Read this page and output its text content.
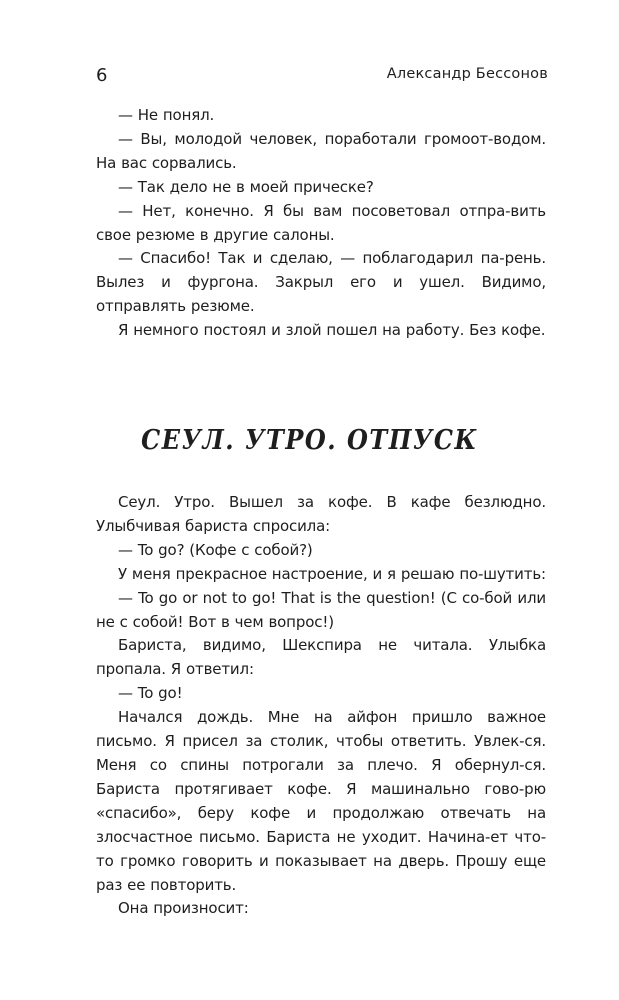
6	Александр Бессонов

— Не понял.

— Вы, молодой человек, поработали громоот-водом. На вас сорвались.

— Так дело не в моей прическе?

— Нет, конечно. Я бы вам посоветовал отпра-вить свое резюме в другие салоны.

— Спасибо! Так и сделаю, — поблагодарил па-рень. Вылез и фургона. Закрыл его и ушел. Видимо, отправлять резюме.

Я немного постоял и злой пошел на работу. Без кофе.

СЕУЛ. УТРО. ОТПУСК

Сеул. Утро. Вышел за кофе. В кафе безлюдно. Улыбчивая бариста спросила:

— To go? (Кофе с собой?)

У меня прекрасное настроение, и я решаю по-шутить:

— To go or not to go! That is the question! (С со-бой или не с собой! Вот в чем вопрос!)

Бариста, видимо, Шекспира не читала. Улыбка пропала. Я ответил:

— To go!

Начался дождь. Мне на айфон пришло важное письмо. Я присел за столик, чтобы ответить. Увлек-ся. Меня со спины потрогали за плечо. Я обернул-ся. Бариста протягивает кофе. Я машинально гово-рю «спасибо», беру кофе и продолжаю отвечать на злосчастное письмо. Бариста не уходит. Начина-ет что-то громко говорить и показывает на дверь. Прошу еще раз ее повторить.

Она произносит:
